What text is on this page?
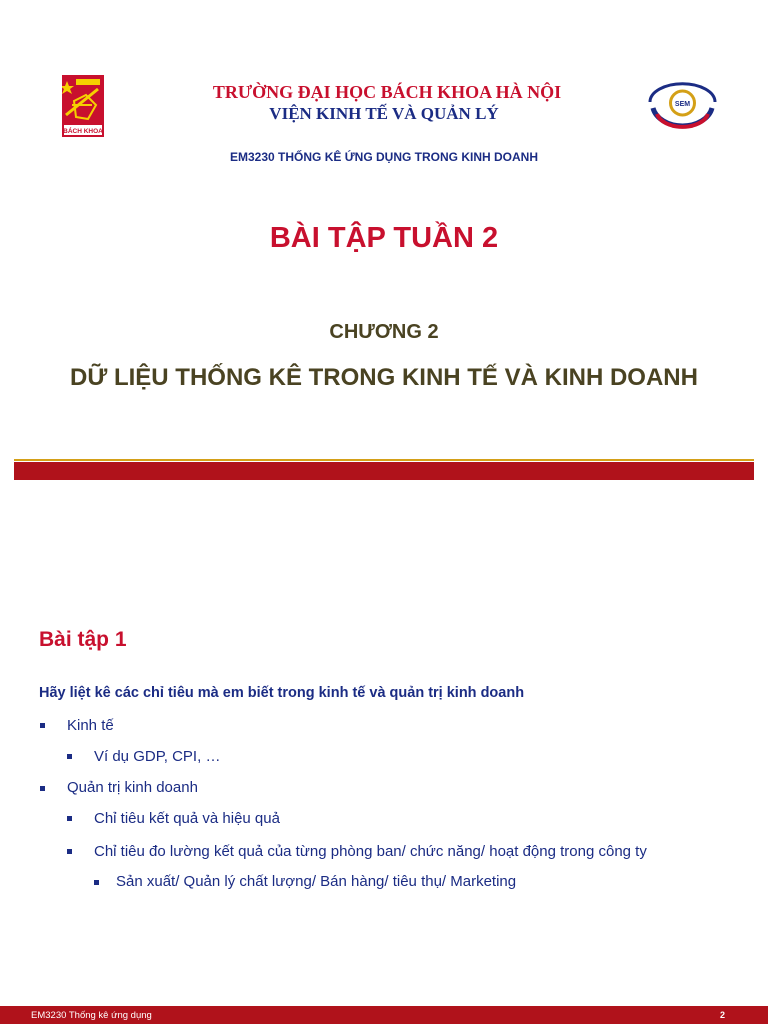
BÁCH KHOA
SEM
TRƯỜNG ĐẠI HỌC BÁCH KHOA HÀ NỘI
VIỆN KINH TẾ VÀ QUẢN LÝ
EM3230 THỐNG KÊ ỨNG DỤNG TRONG KINH DOANH
BÀI TẬP TUẦN 2
CHƯƠNG 2
DỮ LIỆU THỐNG KÊ TRONG KINH TẾ VÀ KINH DOANH
Bài tập 1
Hãy liệt kê các chỉ tiêu mà em biết trong kinh tế và quản trị kinh doanh
Kinh tế
Ví dụ GDP, CPI, …
Quản trị kinh doanh
Chỉ tiêu kết quả và hiệu quả
Chỉ tiêu đo lường kết quả của từng phòng ban/ chức năng/ hoạt động trong công ty
Sản xuất/ Quản lý chất lượng/ Bán hàng/ tiêu thụ/ Marketing
EM3230 Thống kê ứng dụng	2
